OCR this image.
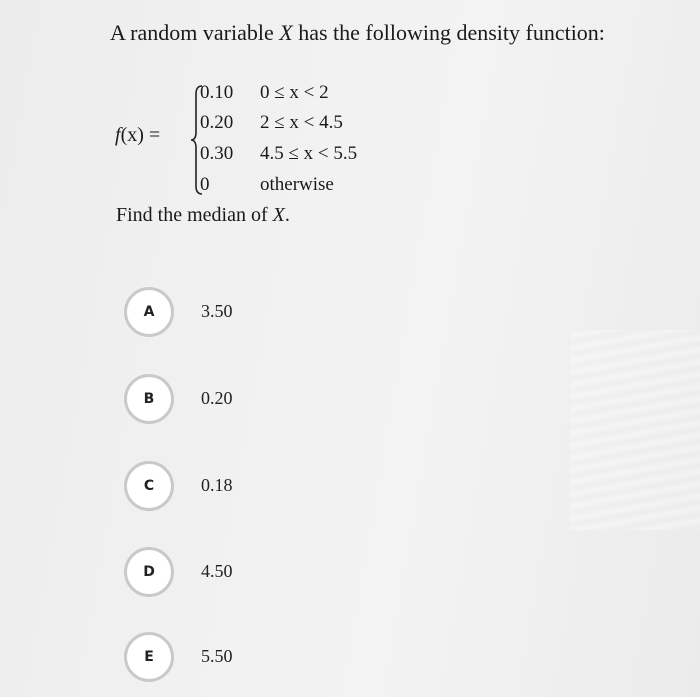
A random variable X has the following density function:
f(x) =
0.10 0 ≤ x < 2
0.20 2 ≤ x < 4.5
0.30 4.5 ≤ x < 5.5
0	otherwise
Find the median of X.
A	3.50
B	0.20
C	0.18
D	4.50
E	5.50
